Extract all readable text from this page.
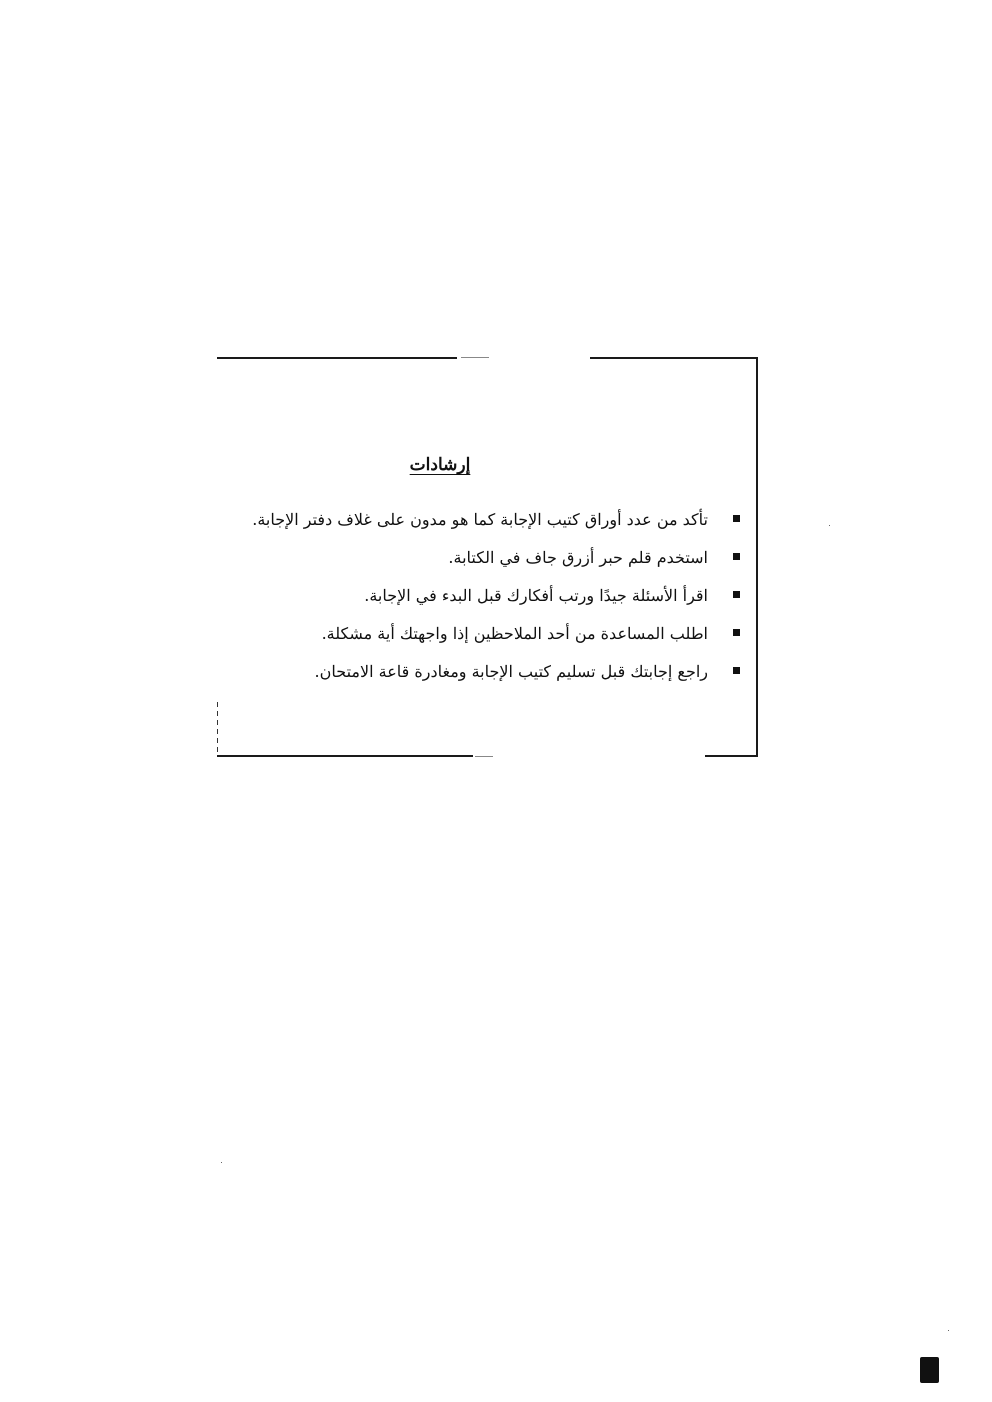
إرشادات
تأكد من عدد أوراق كتيب الإجابة كما هو مدون على غلاف دفتر الإجابة.
استخدم قلم حبر أزرق جاف في الكتابة.
اقرأ الأسئلة جيدًا ورتب أفكارك قبل البدء في الإجابة.
اطلب المساعدة من أحد الملاحظين إذا واجهتك أية مشكلة.
راجع إجابتك قبل تسليم كتيب الإجابة ومغادرة قاعة الامتحان.
